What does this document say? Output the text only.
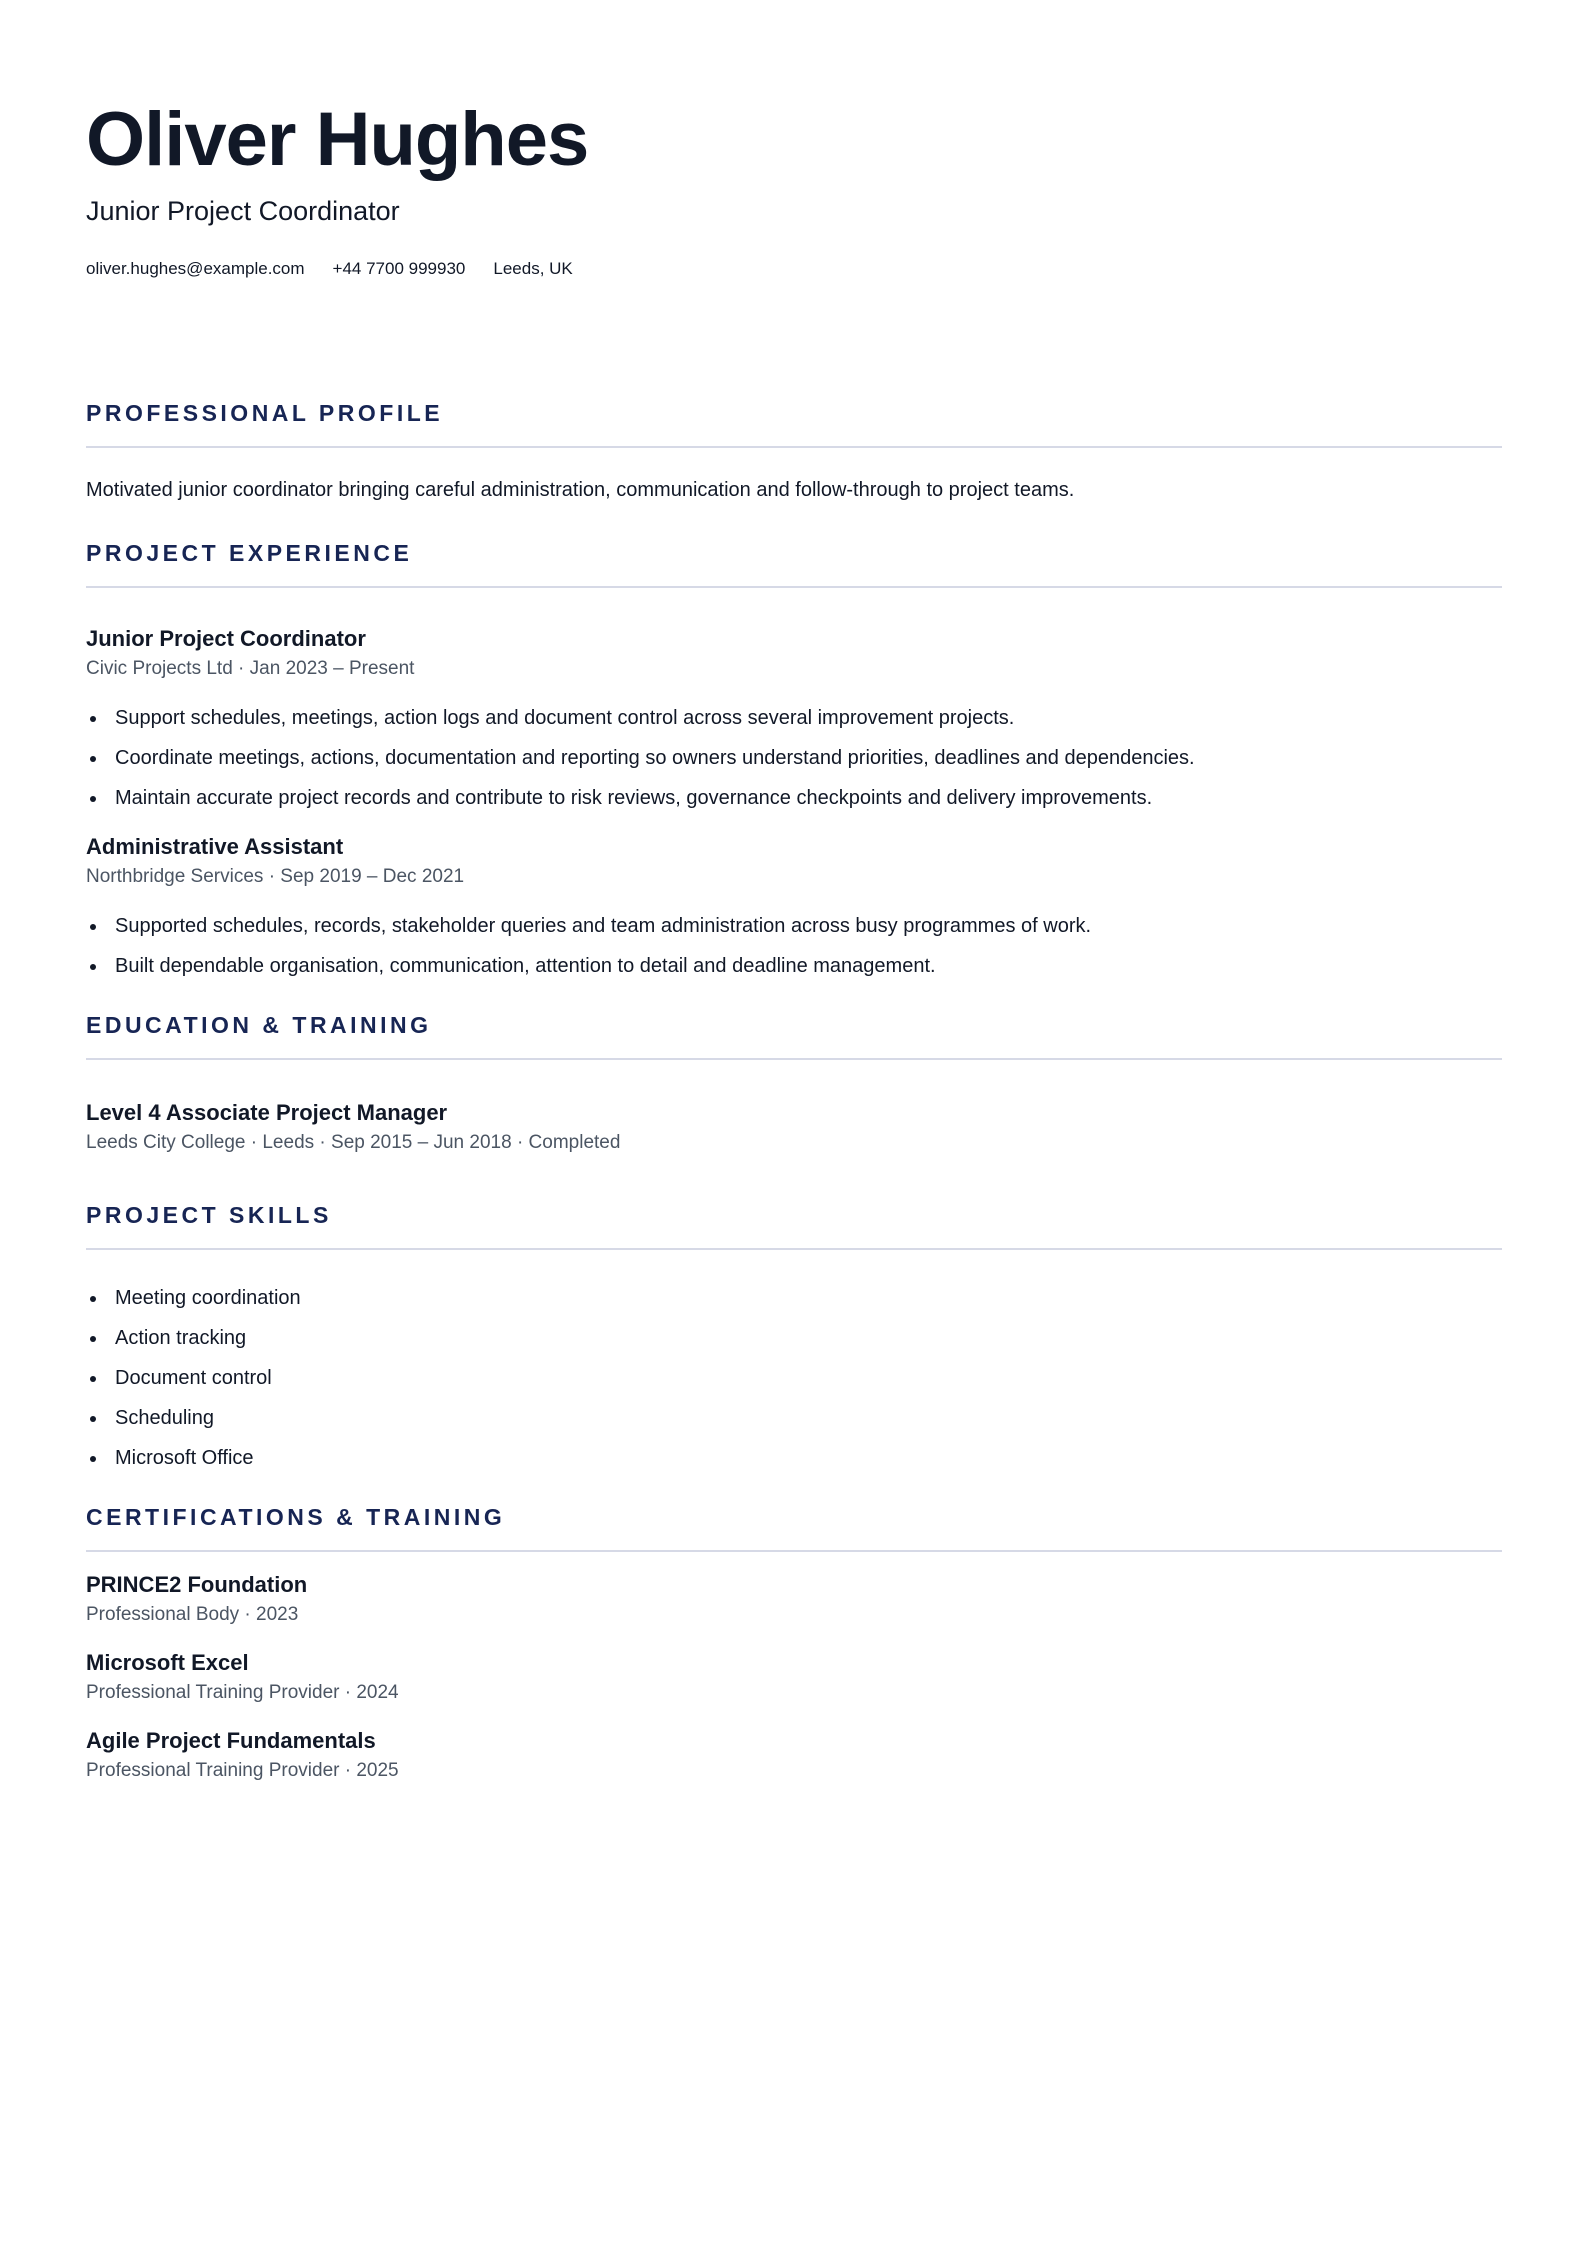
Oliver Hughes
Junior Project Coordinator
oliver.hughes@example.com +44 7700 999930 Leeds, UK
PROFESSIONAL PROFILE

Motivated junior coordinator bringing careful administration, communication and follow-through to project teams.

PROJECT EXPERIENCE
Junior Project Coordinator
Civic Projects Ltd · Jan 2023 – Present
Support schedules, meetings, action logs and document control across several improvement projects.
Coordinate meetings, actions, documentation and reporting so owners understand priorities, deadlines and dependencies.
Maintain accurate project records and contribute to risk reviews, governance checkpoints and delivery improvements.
Administrative Assistant
Northbridge Services · Sep 2019 – Dec 2021
Supported schedules, records, stakeholder queries and team administration across busy programmes of work.
Built dependable organisation, communication, attention to detail and deadline management.
EDUCATION & TRAINING
Level 4 Associate Project Manager
Leeds City College · Leeds · Sep 2015 – Jun 2018 · Completed
PROJECT SKILLS
Meeting coordination
Action tracking
Document control
Scheduling
Microsoft Office
CERTIFICATIONS & TRAINING
PRINCE2 Foundation
Professional Body · 2023
Microsoft Excel
Professional Training Provider · 2024
Agile Project Fundamentals
Professional Training Provider · 2025
